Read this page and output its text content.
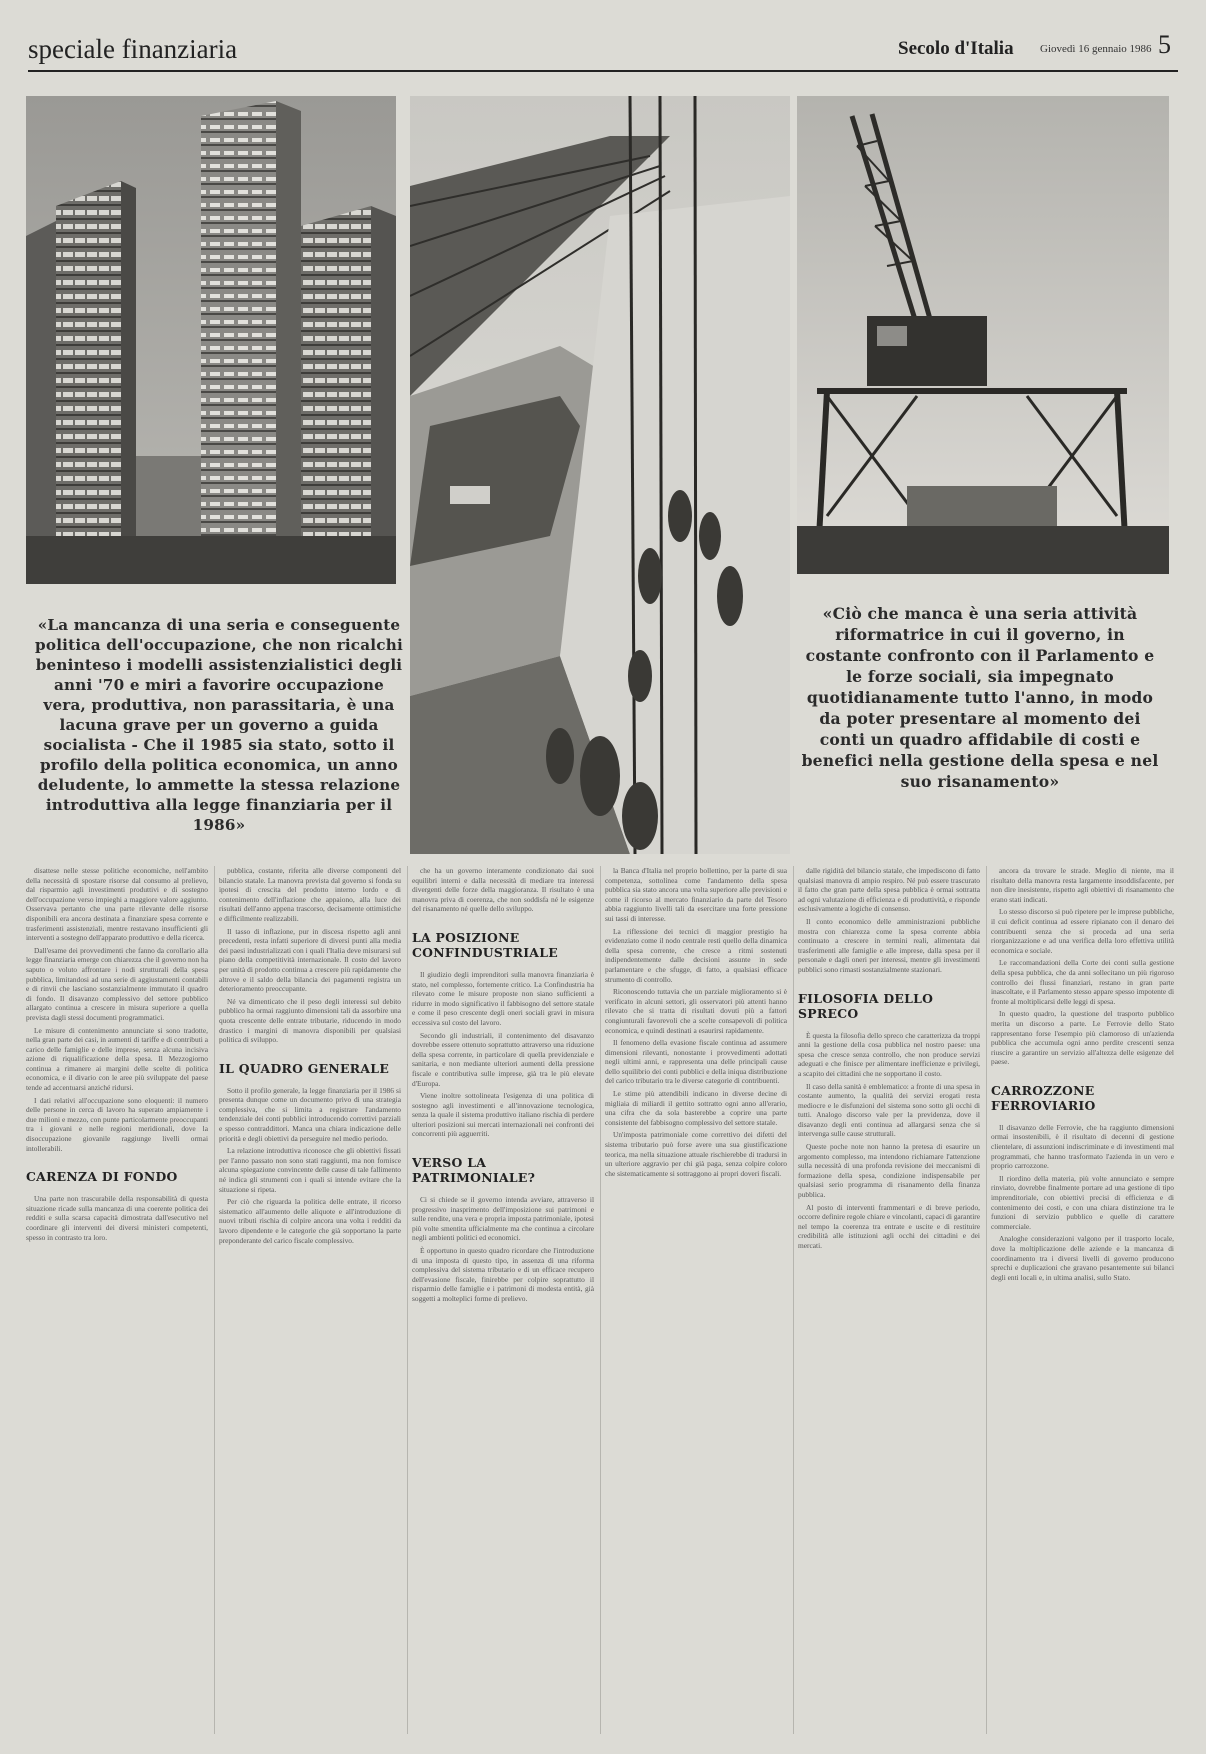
speciale finanziaria	Secolo d'Italia Giovedì 16 gennaio 1986 5
«La mancanza di una seria e conseguente politica dell'occupazione, che non ricalchi beninteso i modelli assistenzialistici degli anni '70 e miri a favorire occupazione vera, produttiva, non parassitaria, è una lacuna grave per un governo a guida socialista - Che il 1985 sia stato, sotto il profilo della politica economica, un anno deludente, lo ammette la stessa relazione introduttiva alla legge finanziaria per il 1986»
«Ciò che manca è una seria attività riformatrice in cui il governo, in costante confronto con il Parlamento e le forze sociali, sia impegnato quotidianamente tutto l'anno, in modo da poter presentare al momento dei conti un quadro affidabile di costi e benefici nella gestione della spesa e nel suo risanamento»

disattese nelle stesse politiche economiche, nell'ambito della necessità di spostare risorse dal consumo al prelievo, dal risparmio agli investimenti produttivi e di sostegno dell'occupazione verso impieghi a maggiore valore aggiunto. Osservava pertanto che una parte rilevante delle risorse disponibili era ancora destinata a finanziare spesa corrente e trasferimenti assistenziali, mentre restavano insufficienti gli interventi a sostegno dell'apparato produttivo e della ricerca.

Dall'esame dei provvedimenti che fanno da corollario alla legge finanziaria emerge con chiarezza che il governo non ha saputo o voluto affrontare i nodi strutturali della spesa pubblica, limitandosi ad una serie di aggiustamenti contabili e di rinvii che lasciano sostanzialmente immutato il quadro di fondo. Il disavanzo complessivo del settore pubblico allargato continua a crescere in misura superiore a quella prevista dagli stessi documenti programmatici.

Le misure di contenimento annunciate si sono tradotte, nella gran parte dei casi, in aumenti di tariffe e di contributi a carico delle famiglie e delle imprese, senza alcuna incisiva azione di riqualificazione della spesa. Il Mezzogiorno continua a rimanere ai margini delle scelte di politica economica, e il divario con le aree più sviluppate del paese tende ad accentuarsi anziché ridursi.

I dati relativi all'occupazione sono eloquenti: il numero delle persone in cerca di lavoro ha superato ampiamente i due milioni e mezzo, con punte particolarmente preoccupanti tra i giovani e nelle regioni meridionali, dove la disoccupazione giovanile raggiunge livelli ormai intollerabili.

CARENZA DI FONDO

Una parte non trascurabile della responsabilità di questa situazione ricade sulla mancanza di una coerente politica dei redditi e sulla scarsa capacità dimostrata dall'esecutivo nel coordinare gli interventi dei diversi ministeri competenti, spesso in contrasto tra loro.

pubblica, costante, riferita alle diverse componenti del bilancio statale. La manovra prevista dal governo si fonda su ipotesi di crescita del prodotto interno lordo e di contenimento dell'inflazione che appaiono, alla luce dei risultati dell'anno appena trascorso, decisamente ottimistiche e difficilmente realizzabili.

Il tasso di inflazione, pur in discesa rispetto agli anni precedenti, resta infatti superiore di diversi punti alla media dei paesi industrializzati con i quali l'Italia deve misurarsi sul piano della competitività internazionale. Il costo del lavoro per unità di prodotto continua a crescere più rapidamente che altrove e il saldo della bilancia dei pagamenti registra un deterioramento preoccupante.

Né va dimenticato che il peso degli interessi sul debito pubblico ha ormai raggiunto dimensioni tali da assorbire una quota crescente delle entrate tributarie, riducendo in modo drastico i margini di manovra disponibili per qualsiasi politica di sviluppo.

IL QUADRO GENERALE

Sotto il profilo generale, la legge finanziaria per il 1986 si presenta dunque come un documento privo di una strategia complessiva, che si limita a registrare l'andamento tendenziale dei conti pubblici introducendo correttivi parziali e spesso contraddittori. Manca una chiara indicazione delle priorità e degli obiettivi da perseguire nel medio periodo.

La relazione introduttiva riconosce che gli obiettivi fissati per l'anno passato non sono stati raggiunti, ma non fornisce alcuna spiegazione convincente delle cause di tale fallimento né indica gli strumenti con i quali si intende evitare che la situazione si ripeta.

Per ciò che riguarda la politica delle entrate, il ricorso sistematico all'aumento delle aliquote e all'introduzione di nuovi tributi rischia di colpire ancora una volta i redditi da lavoro dipendente e le categorie che già sopportano la parte preponderante del carico fiscale complessivo.

che ha un governo interamente condizionato dai suoi equilibri interni e dalla necessità di mediare tra interessi divergenti delle forze della maggioranza. Il risultato è una manovra priva di coerenza, che non soddisfa né le esigenze del risanamento né quelle dello sviluppo.

LA POSIZIONE CONFINDUSTRIALE

Il giudizio degli imprenditori sulla manovra finanziaria è stato, nel complesso, fortemente critico. La Confindustria ha rilevato come le misure proposte non siano sufficienti a ridurre in modo significativo il fabbisogno del settore statale e come il peso crescente degli oneri sociali gravi in misura eccessiva sul costo del lavoro.

Secondo gli industriali, il contenimento del disavanzo dovrebbe essere ottenuto soprattutto attraverso una riduzione della spesa corrente, in particolare di quella previdenziale e sanitaria, e non mediante ulteriori aumenti della pressione fiscale e contributiva sulle imprese, già tra le più elevate d'Europa.

Viene inoltre sottolineata l'esigenza di una politica di sostegno agli investimenti e all'innovazione tecnologica, senza la quale il sistema produttivo italiano rischia di perdere ulteriori posizioni sui mercati internazionali nei confronti dei concorrenti più agguerriti.

VERSO LA PATRIMONIALE?

Ci si chiede se il governo intenda avviare, attraverso il progressivo inasprimento dell'imposizione sui patrimoni e sulle rendite, una vera e propria imposta patrimoniale, ipotesi più volte smentita ufficialmente ma che continua a circolare negli ambienti politici ed economici.

È opportuno in questo quadro ricordare che l'introduzione di una imposta di questo tipo, in assenza di una riforma complessiva del sistema tributario e di un efficace recupero dell'evasione fiscale, finirebbe per colpire soprattutto il risparmio delle famiglie e i patrimoni di modesta entità, già soggetti a molteplici forme di prelievo.

la Banca d'Italia nel proprio bollettino, per la parte di sua competenza, sottolinea come l'andamento della spesa pubblica sia stato ancora una volta superiore alle previsioni e come il ricorso al mercato finanziario da parte del Tesoro abbia raggiunto livelli tali da esercitare una forte pressione sui tassi di interesse.

La riflessione dei tecnici di maggior prestigio ha evidenziato come il nodo centrale resti quello della dinamica della spesa corrente, che cresce a ritmi sostenuti indipendentemente dalle decisioni assunte in sede parlamentare e che sfugge, di fatto, a qualsiasi efficace strumento di controllo.

Riconoscendo tuttavia che un parziale miglioramento si è verificato in alcuni settori, gli osservatori più attenti hanno rilevato che si tratta di risultati dovuti più a fattori congiunturali favorevoli che a scelte consapevoli di politica economica, e quindi destinati a esaurirsi rapidamente.

Il fenomeno della evasione fiscale continua ad assumere dimensioni rilevanti, nonostante i provvedimenti adottati negli ultimi anni, e rappresenta una delle principali cause dello squilibrio dei conti pubblici e della iniqua distribuzione del carico tributario tra le diverse categorie di contribuenti.

Le stime più attendibili indicano in diverse decine di migliaia di miliardi il gettito sottratto ogni anno all'erario, una cifra che da sola basterebbe a coprire una parte consistente del fabbisogno complessivo del settore statale.

Un'imposta patrimoniale come correttivo dei difetti del sistema tributario può forse avere una sua giustificazione teorica, ma nella situazione attuale rischierebbe di tradursi in un ulteriore aggravio per chi già paga, senza colpire coloro che sistematicamente si sottraggono ai propri doveri fiscali.

dalle rigidità del bilancio statale, che impediscono di fatto qualsiasi manovra di ampio respiro. Né può essere trascurato il fatto che gran parte della spesa pubblica è ormai sottratta ad ogni valutazione di efficienza e di produttività, e risponde esclusivamente a logiche di consenso.

Il conto economico delle amministrazioni pubbliche mostra con chiarezza come la spesa corrente abbia continuato a crescere in termini reali, alimentata dai trasferimenti alle famiglie e alle imprese, dalla spesa per il personale e dagli oneri per interessi, mentre gli investimenti pubblici sono rimasti sostanzialmente stazionari.

FILOSOFIA DELLO SPRECO

È questa la filosofia dello spreco che caratterizza da troppi anni la gestione della cosa pubblica nel nostro paese: una spesa che cresce senza controllo, che non produce servizi adeguati e che finisce per alimentare inefficienze e privilegi, a scapito dei cittadini che ne sopportano il costo.

Il caso della sanità è emblematico: a fronte di una spesa in costante aumento, la qualità dei servizi erogati resta mediocre e le disfunzioni del sistema sono sotto gli occhi di tutti. Analogo discorso vale per la previdenza, dove il disavanzo degli enti continua ad allargarsi senza che si intervenga sulle cause strutturali.

Queste poche note non hanno la pretesa di esaurire un argomento complesso, ma intendono richiamare l'attenzione sulla necessità di una profonda revisione dei meccanismi di formazione della spesa, condizione indispensabile per qualsiasi serio programma di risanamento della finanza pubblica.

Al posto di interventi frammentari e di breve periodo, occorre definire regole chiare e vincolanti, capaci di garantire nel tempo la coerenza tra entrate e uscite e di restituire credibilità alle istituzioni agli occhi dei cittadini e dei mercati.

ancora da trovare le strade. Meglio di niente, ma il risultato della manovra resta largamente insoddisfacente, per non dire inesistente, rispetto agli obiettivi di risanamento che erano stati indicati.

Lo stesso discorso si può ripetere per le imprese pubbliche, il cui deficit continua ad essere ripianato con il denaro dei contribuenti senza che si proceda ad una seria riorganizzazione e ad una verifica della loro effettiva utilità economica e sociale.

Le raccomandazioni della Corte dei conti sulla gestione della spesa pubblica, che da anni sollecitano un più rigoroso controllo dei flussi finanziari, restano in gran parte inascoltate, e il Parlamento stesso appare spesso impotente di fronte al moltiplicarsi delle leggi di spesa.

In questo quadro, la questione del trasporto pubblico merita un discorso a parte. Le Ferrovie dello Stato rappresentano forse l'esempio più clamoroso di un'azienda pubblica che accumula ogni anno perdite crescenti senza riuscire a garantire un servizio all'altezza delle esigenze del paese.

CARROZZONE FERROVIARIO

Il disavanzo delle Ferrovie, che ha raggiunto dimensioni ormai insostenibili, è il risultato di decenni di gestione clientelare, di assunzioni indiscriminate e di investimenti mal programmati, che hanno trasformato l'azienda in un vero e proprio carrozzone.

Il riordino della materia, più volte annunciato e sempre rinviato, dovrebbe finalmente portare ad una gestione di tipo imprenditoriale, con obiettivi precisi di efficienza e di contenimento dei costi, e con una chiara distinzione tra le funzioni di servizio pubblico e quelle di carattere commerciale.

Analoghe considerazioni valgono per il trasporto locale, dove la moltiplicazione delle aziende e la mancanza di coordinamento tra i diversi livelli di governo producono sprechi e duplicazioni che gravano pesantemente sui bilanci degli enti locali e, in ultima analisi, sullo Stato.
